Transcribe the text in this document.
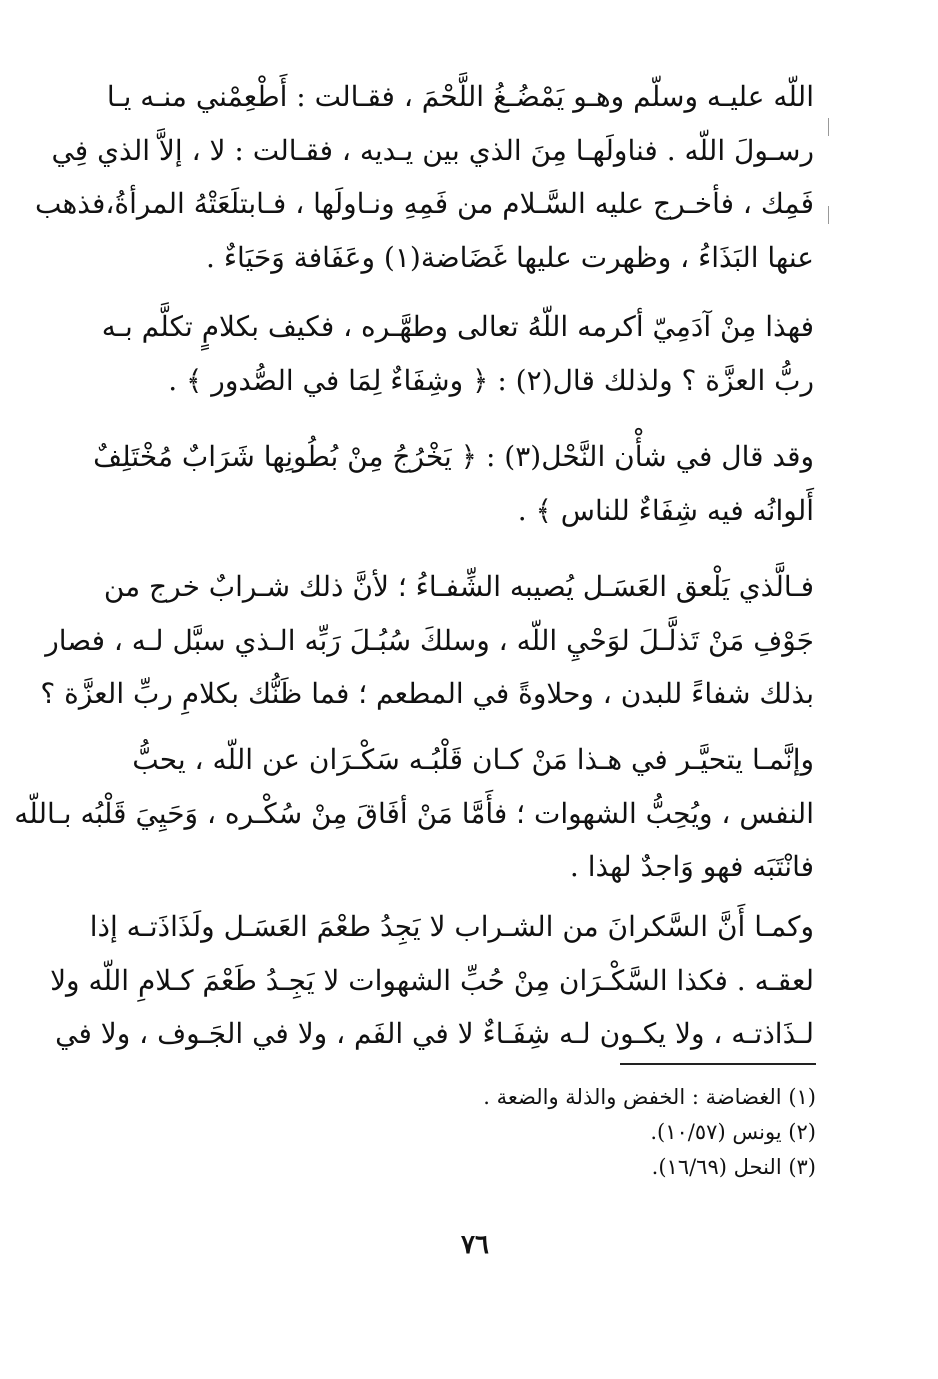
اللّه عليـه وسلّم وهـو يَمْضُـغُ اللَّحْمَ ، فقـالت : أَطْعِمْني منـه يـا
رسـولَ اللّه . فناولَهـا مِنَ الذي بين يـديه ، فقـالت : لا ، إلاَّ الذي فِي
فَمِك ، فأخـرج عليه السَّـلام من فَمِهِ ونـاولَها ، فـابتلَعَتْهُ المرأةُ،فذهب
عنها البَذَاءُ ، وظهرت عليها غَضَاضة(١) وعَفَافة وَحَيَاءٌ .

فهذا مِنْ آدَمِيّ أكرمه اللّهُ تعالى وطهَّـره ، فكيف بكلامٍ تكلَّم بـه
ربُّ العزَّة ؟ ولذلك قال(٢) : ﴿ وشِفَاءٌ لِمَا في الصُّدور ﴾ .

وقد قال في شأْن النَّحْل(٣) : ﴿ يَخْرُجُ مِنْ بُطُونِها شَرَابٌ مُخْتَلِفٌ
أَلوانُه فيه شِفَاءٌ للناس ﴾ .

فـالَّذي يَلْعق العَسَـل يُصيبه الشِّفـاءُ ؛ لأنَّ ذلك شـرابٌ خرج من
جَوْفِ مَنْ تَذلَّـلَ لوَحْيِ اللّه ، وسلكَ سُبُـلَ رَبِّه الـذي سبَّل لـه ، فصار
بذلك شفاءً للبدن ، وحلاوةً في المطعم ؛ فما ظَنُّك بكلامِ ربِّ العزَّة ؟

وإنَّمـا يتحيَّـر في هـذا مَنْ كـان قَلْبُـه سَكْـرَان عن اللّه ، يحبُّ
النفس ، ويُحِبُّ الشهوات ؛ فأَمَّا مَنْ أفَاقَ مِنْ سُكْـره ، وَحَيِيَ قَلْبُه بـاللّه
فانْتَبَه فهو وَاجدٌ لهذا .

وكمـا أَنَّ السَّكرانَ من الشـراب لا يَجِدُ طعْمَ العَسَـل ولَذَاذَتـه إذا
لعقـه . فكذا السَّكْـرَان مِنْ حُبِّ الشهوات لا يَجِـدُ طَعْمَ كـلامِ اللّه ولا
لـذَاذتـه ، ولا يكـون لـه شِفَـاءٌ لا في الفَم ، ولا في الجَـوف ، ولا في

(١) الغضاضة : الخفض والذلة والضعة .
(٢) يونس (١٠/٥٧).
(٣) النحل (١٦/٦٩).
٧٦
